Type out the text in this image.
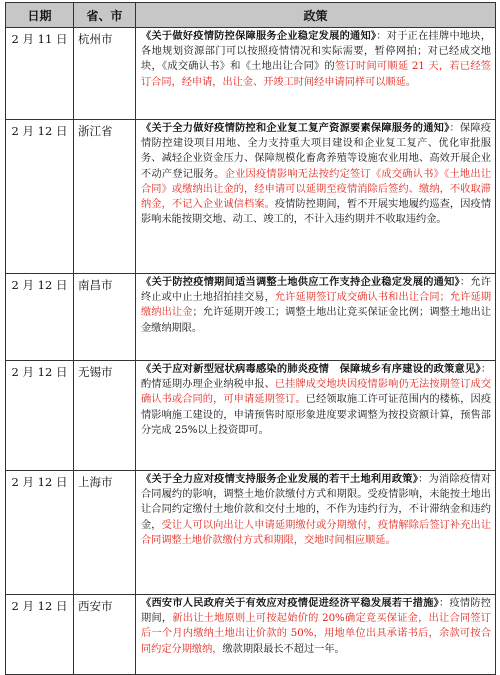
日期	省、市	政策
2 月 11 日	杭州市	《关于做好疫情防控保障服务企业稳定发展的通知》：对于正在挂牌中地块，各地规划资源部门可以按照疫情情况和实际需要，暂停网拍；对已经成交地块，《成交确认书》和《土地出让合同》的签订时间可顺延 21 天，若已经签订合同，经申请，出让金、开竣工时间经申请同样可以顺延。
2 月 12 日	浙江省	《关于全力做好疫情防控和企业复工复产资源要素保障服务的通知》：保障疫情防控建设项目用地、全力支持重大项目建设和企业复工复产、优化审批服务、减轻企业资金压力、保障规模化畜禽养殖等设施农业用地、高效开展企业不动产登记服务。企业因疫情影响无法按约定签订《成交确认书》《土地出让合同》或缴纳出让金的，经申请可以延期至疫情消除后签约、缴纳，不收取滞纳金，不记入企业诚信档案。疫情防控期间，暂不开展实地履约巡查，因疫情影响未能按期交地、动工、竣工的，不计入违约期并不收取违约金。
2 月 12 日	南昌市	《关于防控疫情期间适当调整土地供应工作支持企业稳定发展的通知》：允许终止或中止土地招拍挂交易，允许延期签订成交确认书和出让合同；允许延期缴纳出让金；允许延期开竣工；调整土地出让竞买保证金比例；调整土地出让金缴纳期限。
2 月 12 日	无锡市	《关于应对新型冠状病毒感染的肺炎疫情　保障城乡有序建设的政策意见》：酌情延期办理企业纳税申报、已挂牌成交地块因疫情影响仍无法按期签订成交确认书或合同的，可申请延期签订。已经领取施工许可证范围内的楼栋，因疫情影响施工建设的，申请预售时原形象进度要求调整为按投资额计算，预售部分完成 25%以上投资即可。
2 月 12 日	上海市	《关于全力应对疫情支持服务企业发展的若干土地利用政策》：为消除疫情对合同履约的影响，调整土地价款缴付方式和期限。受疫情影响，未能按土地出让合同约定缴付土地价款和交付土地的，不作为违约行为，不计滞纳金和违约金，受让人可以向出让人申请延期缴付或分期缴付，疫情解除后签订补充出让合同调整土地价款缴付方式和期限，交地时间相应顺延。
2 月 12 日	西安市	《西安市人民政府关于有效应对疫情促进经济平稳发展若干措施》：疫情防控期间，新出让土地原则上可按起始价的 20%确定竞买保证金，出让合同签订后一个月内缴纳土地出让价款的 50%，用地单位出具承诺书后，余款可按合同约定分期缴纳，缴款期限最长不超过一年。
